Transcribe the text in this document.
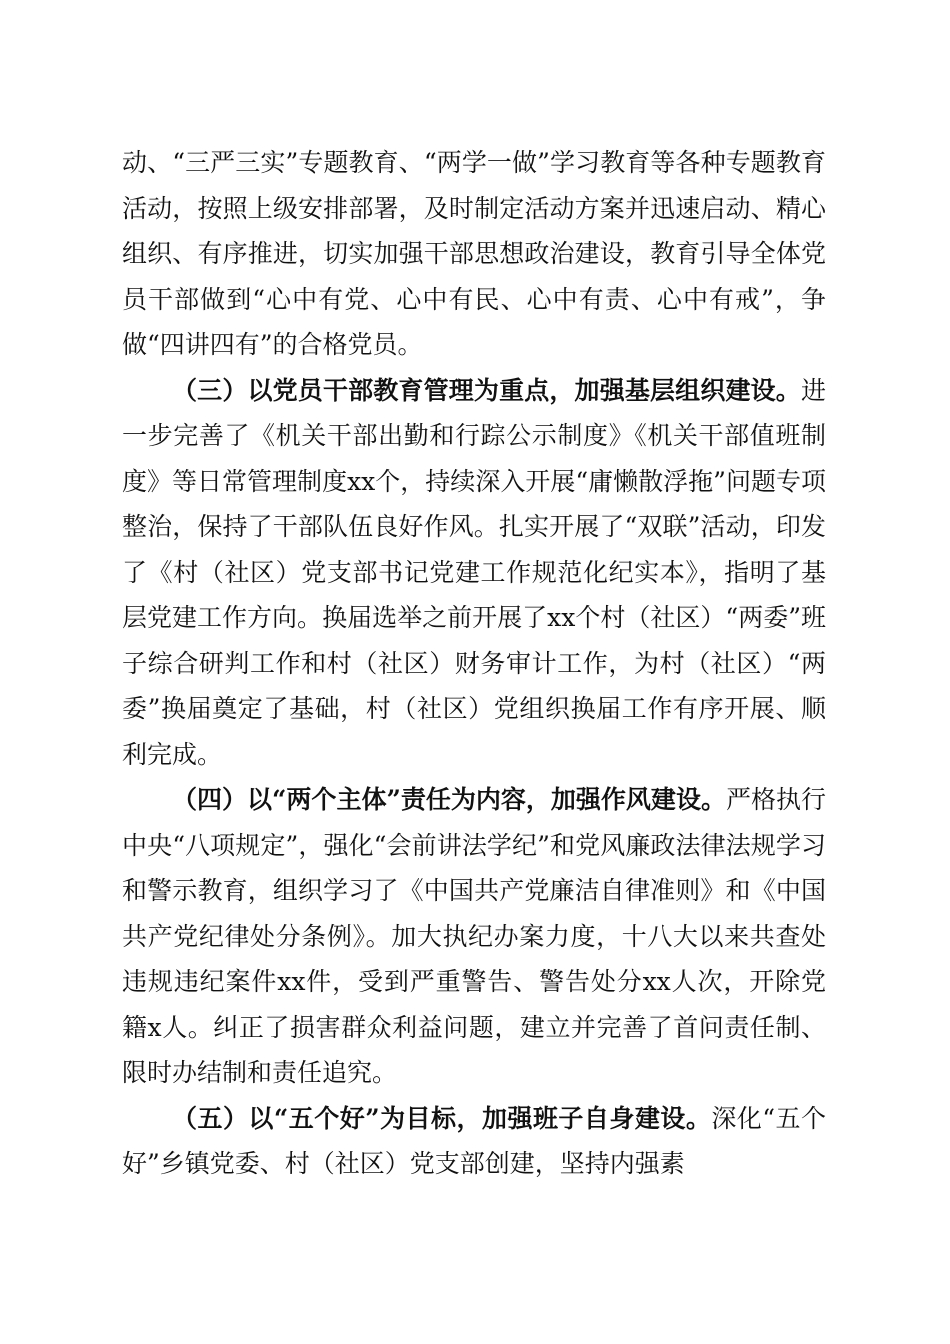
动、“三严三实”专题教育、“两学一做”学习教育等各种专题教育活动，按照上级安排部署，及时制定活动方案并迅速启动、精心组织、有序推进，切实加强干部思想政治建设，教育引导全体党员干部做到“心中有党、心中有民、心中有责、心中有戒”，争做“四讲四有”的合格党员。

（三）以党员干部教育管理为重点，加强基层组织建设。进一步完善了《机关干部出勤和行踪公示制度》《机关干部值班制度》等日常管理制度xx个，持续深入开展“庸懒散浮拖”问题专项整治，保持了干部队伍良好作风。扎实开展了“双联”活动，印发了《村（社区）党支部书记党建工作规范化纪实本》，指明了基层党建工作方向。换届选举之前开展了xx个村（社区）“两委”班子综合研判工作和村（社区）财务审计工作，为村（社区）“两委”换届奠定了基础，村（社区）党组织换届工作有序开展、顺利完成。

（四）以“两个主体”责任为内容，加强作风建设。严格执行中央“八项规定”，强化“会前讲法学纪”和党风廉政法律法规学习和警示教育，组织学习了《中国共产党廉洁自律准则》和《中国共产党纪律处分条例》。加大执纪办案力度，十八大以来共查处违规违纪案件xx件，受到严重警告、警告处分xx人次，开除党籍x人。纠正了损害群众利益问题，建立并完善了首问责任制、限时办结制和责任追究。

（五）以“五个好”为目标，加强班子自身建设。深化“五个好”乡镇党委、村（社区）党支部创建，坚持内强素
